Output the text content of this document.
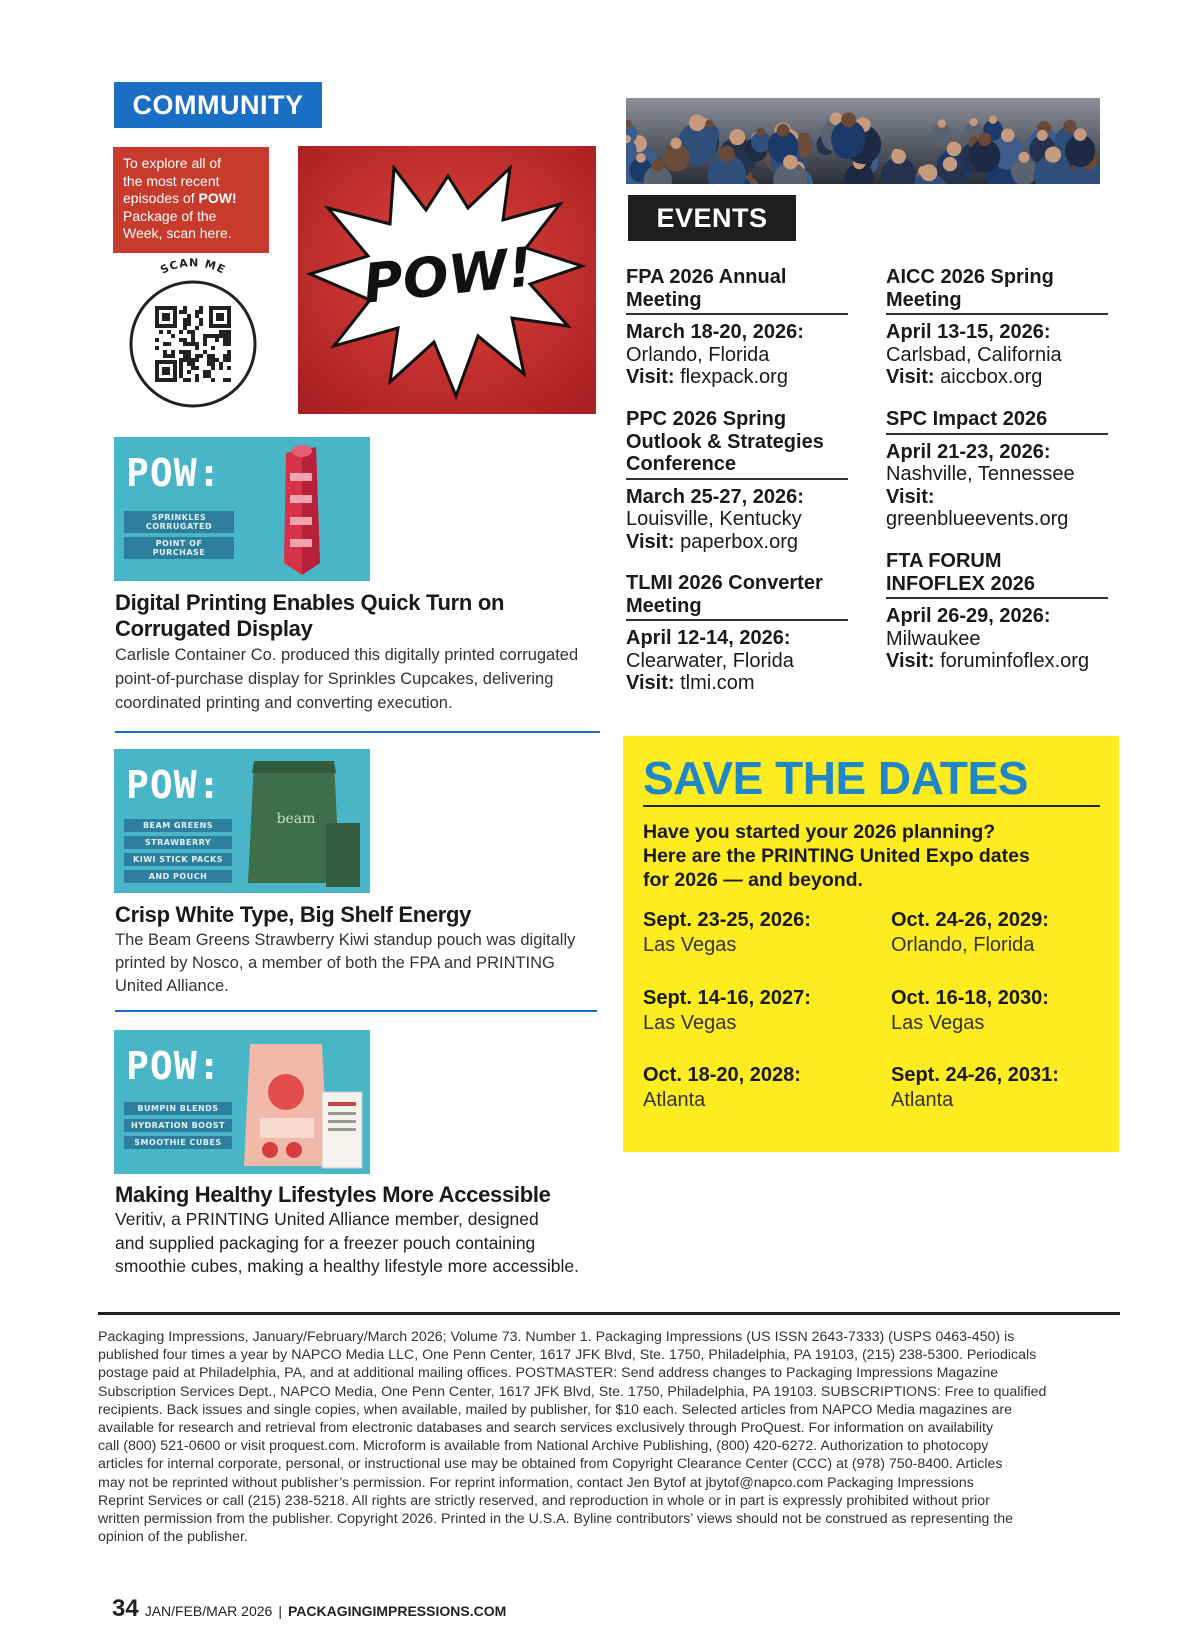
COMMUNITY
To explore all of
the most recent
episodes of POW!
Package of the
Week, scan here.
SCAN ME POW!
POW:
SPRINKLES CORRUGATED
POINT OF PURCHASE
Digital Printing Enables Quick Turn on
Corrugated Display
Carlisle Container Co. produced this digitally printed corrugated
point-of-purchase display for Sprinkles Cupcakes, delivering
coordinated printing and converting execution.
POW:
BEAM GREENS
STRAWBERRY
KIWI STICK PACKS
AND POUCH
beam
Crisp White Type, Big Shelf Energy
The Beam Greens Strawberry Kiwi standup pouch was digitally
printed by Nosco, a member of both the FPA and PRINTING
United Alliance.
POW:
BUMPIN BLENDS
HYDRATION BOOST
SMOOTHIE CUBES
Making Healthy Lifestyles More Accessible
Veritiv, a PRINTING United Alliance member, designed
and supplied packaging for a freezer pouch containing
smoothie cubes, making a healthy lifestyle more accessible.
EVENTS
FPA 2026 Annual
Meeting
March 18-20, 2026:
Orlando, Florida
Visit: flexpack.org
PPC 2026 Spring
Outlook & Strategies
Conference
March 25-27, 2026:
Louisville, Kentucky
Visit: paperbox.org
TLMI 2026 Converter
Meeting
April 12-14, 2026:
Clearwater, Florida
Visit: tlmi.com
AICC 2026 Spring
Meeting
April 13-15, 2026:
Carlsbad, California
Visit: aiccbox.org
SPC Impact 2026
April 21-23, 2026:
Nashville, Tennessee
Visit:
greenblueevents.org
FTA FORUM
INFOFLEX 2026
April 26-29, 2026:
Milwaukee
Visit: foruminfoflex.org
SAVE THE DATES
Have you started your 2026 planning?
Here are the PRINTING United Expo dates
for 2026 — and beyond.
Sept. 23-25, 2026:
Las Vegas
Sept. 14-16, 2027:
Las Vegas
Oct. 18-20, 2028:
Atlanta
Oct. 24-26, 2029:
Orlando, Florida
Oct. 16-18, 2030:
Las Vegas
Sept. 24-26, 2031:
Atlanta
Packaging Impressions, January/February/March 2026; Volume 73. Number 1. Packaging Impressions (US ISSN 2643-7333) (USPS 0463-450) is
published four times a year by NAPCO Media LLC, One Penn Center, 1617 JFK Blvd, Ste. 1750, Philadelphia, PA 19103, (215) 238-5300. Periodicals
postage paid at Philadelphia, PA, and at additional mailing offices. POSTMASTER: Send address changes to Packaging Impressions Magazine
Subscription Services Dept., NAPCO Media, One Penn Center, 1617 JFK Blvd, Ste. 1750, Philadelphia, PA 19103. SUBSCRIPTIONS: Free to qualified
recipients. Back issues and single copies, when available, mailed by publisher, for $10 each. Selected articles from NAPCO Media magazines are
available for research and retrieval from electronic databases and search services exclusively through ProQuest. For information on availability
call (800) 521-0600 or visit proquest.com. Microform is available from National Archive Publishing, (800) 420-6272. Authorization to photocopy
articles for internal corporate, personal, or instructional use may be obtained from Copyright Clearance Center (CCC) at (978) 750-8400. Articles
may not be reprinted without publisher’s permission. For reprint information, contact Jen Bytof at jbytof@napco.com Packaging Impressions
Reprint Services or call (215) 238-5218. All rights are strictly reserved, and reproduction in whole or in part is expressly prohibited without prior
written permission from the publisher. Copyright 2026. Printed in the U.S.A. Byline contributors’ views should not be construed as representing the
opinion of the publisher.
34 JAN/FEB/MAR 2026 | PACKAGINGIMPRESSIONS.COM
